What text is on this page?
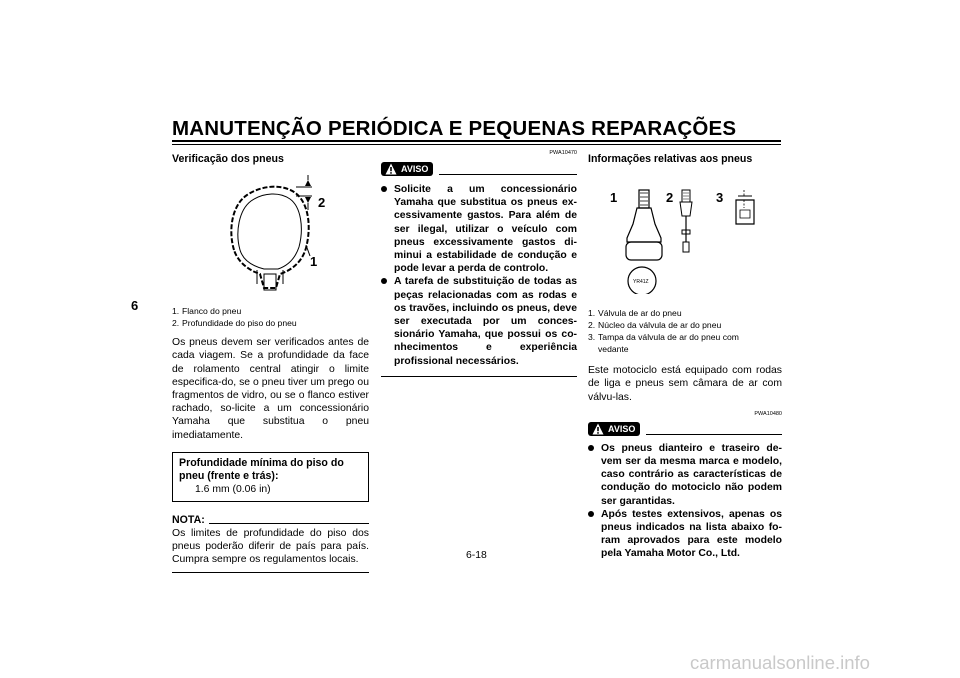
MANUTENÇÃO PERIÓDICA E PEQUENAS REPARAÇÕES
6
Verificação dos pneus
2
1
1. Flanco do pneu
2. Profundidade do piso do pneu
Os pneus devem ser verificados antes de cada viagem. Se a profundidade da face de rolamento central atingir o limite especifica-do, se o pneu tiver um prego ou fragmentos de vidro, ou se o flanco estiver rachado, so-licite a um concessionário Yamaha que substitua o pneu imediatamente.
Profundidade mínima do piso do pneu (frente e trás):
1.6 mm (0.06 in)
NOTA:
Os limites de profundidade do piso dos pneus poderão diferir de país para país. Cumpra sempre os regulamentos locais.
AVISO
PWA10470
Solicite a um concessionário Yamaha que substitua os pneus ex-cessivamente gastos. Para além de ser ilegal, utilizar o veículo com pneus excessivamente gastos di-minui a estabilidade de condução e pode levar a perda de controlo.
A tarefa de substituição de todas as peças relacionadas com as rodas e os travões, incluindo os pneus, deve ser executada por um conces-sionário Yamaha, que possui os co-nhecimentos e experiência profissional necessários.
Informações relativas aos pneus
1	2	3
YR41Z
1. Válvula de ar do pneu
2. Núcleo da válvula de ar do pneu
3. Tampa da válvula de ar do pneu com vedante
Este motociclo está equipado com rodas de liga e pneus sem câmara de ar com válvu-las.
PWA10480
AVISO
Os pneus dianteiro e traseiro de-vem ser da mesma marca e modelo, caso contrário as características de condução do motociclo não podem ser garantidas.
Após testes extensivos, apenas os pneus indicados na lista abaixo fo-ram aprovados para este modelo pela Yamaha Motor Co., Ltd.
6-18
carmanualsonline.info
